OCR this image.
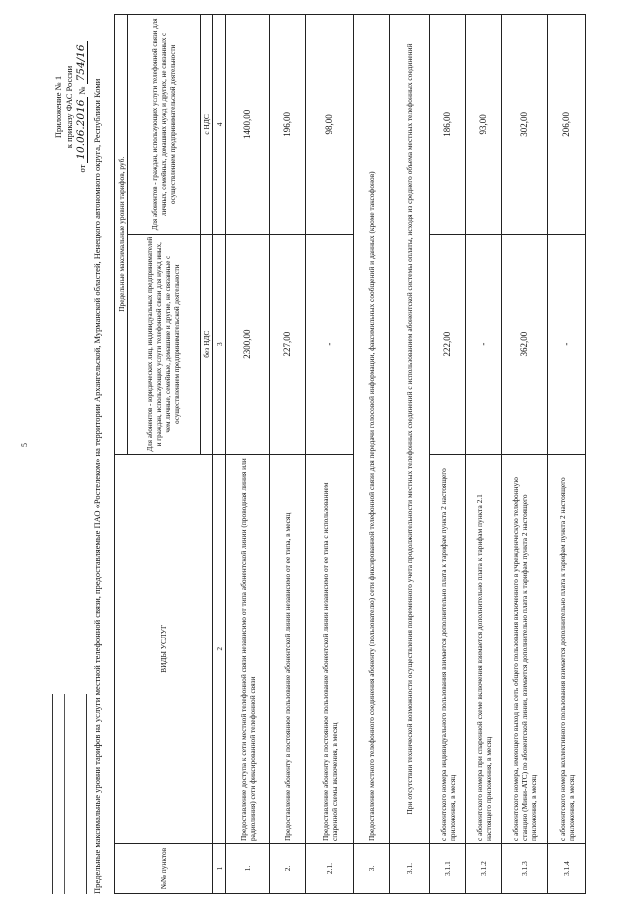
5
Приложение № 1 к приказу ФАС России
от
10.06.2016
№
754/16
Предельные максимальные уровни тарифов на услуги местной телефонной связи, предоставляемые ПАО «Ростелеком» на территории Архангельской, Мурманской областей, Ненецкого автономного округа, Республики Коми	№№ пунктов	ВИДЫ УСЛУГ	Предельные максимальные уровни тарифов, руб.	
		Для абонентов - юридических лиц, индивидуальных предпринимателей и граждан, использующих услуги телефонной связи для нужд иных, чем личные, семейные, домашние и другие, не связанные с осуществлением предпринимательской деятельности	Для абонентов - граждан, использующих услуги телефонной связи для личных, семейных, домашних нужд и других, не связанных с осуществлением предпринимательской деятельности
		без НДС	с НДС
1	2	3	4
1.	Предоставление доступа к сети местной телефонной связи независимо от типа абонентской линии (проводная линия или радиолиния) сети фиксированной телефонной связи	2300,00	1400,00
2.	Предоставление абоненту в постоянное пользование абонентской линии независимо от ее типа, в месяц	227,00	196,00
2.1.	Предоставление абоненту в постоянное пользование абонентской линии независимо от ее типа с использованием спаренной схемы включения, в месяц	-	98,00
3.	Предоставление местного телефонного соединения абоненту (пользователю) сети фиксированной телефонной связи для передачи голосовой информации, факсимильных сообщений и данных (кроме таксофонов)		
3.1.	При отсутствии технической возможности осуществления повременного учета продолжительности местных телефонных соединений с использованием абонентской системы оплаты, исходя из среднего объема местных телефонных соединений		
3.1.1	с абонентского номера индивидуального пользования взимается дополнительно плата к тарифам пункта 2 настоящего приложения, в месяц	222,00	186,00
3.1.2	с абонентского номера при спаренной схеме включения взимается дополнительно плата к тарифам пункта 2.1 настоящего приложения, в месяц	-	93,00
3.1.3	с абонентского номера, имеющего выход на сеть общего пользования включенного в учрежденческую телефонную станцию (Мини-АТС) по абонентской линии, взимается дополнительно плата к тарифам пункта 2 настоящего приложения, в месяц	362,00	302,00
3.1.4	с абонентского номера коллективного пользования взимается дополнительно плата к тарифам пункта 2 настоящего приложения, в месяц	-	206,00
